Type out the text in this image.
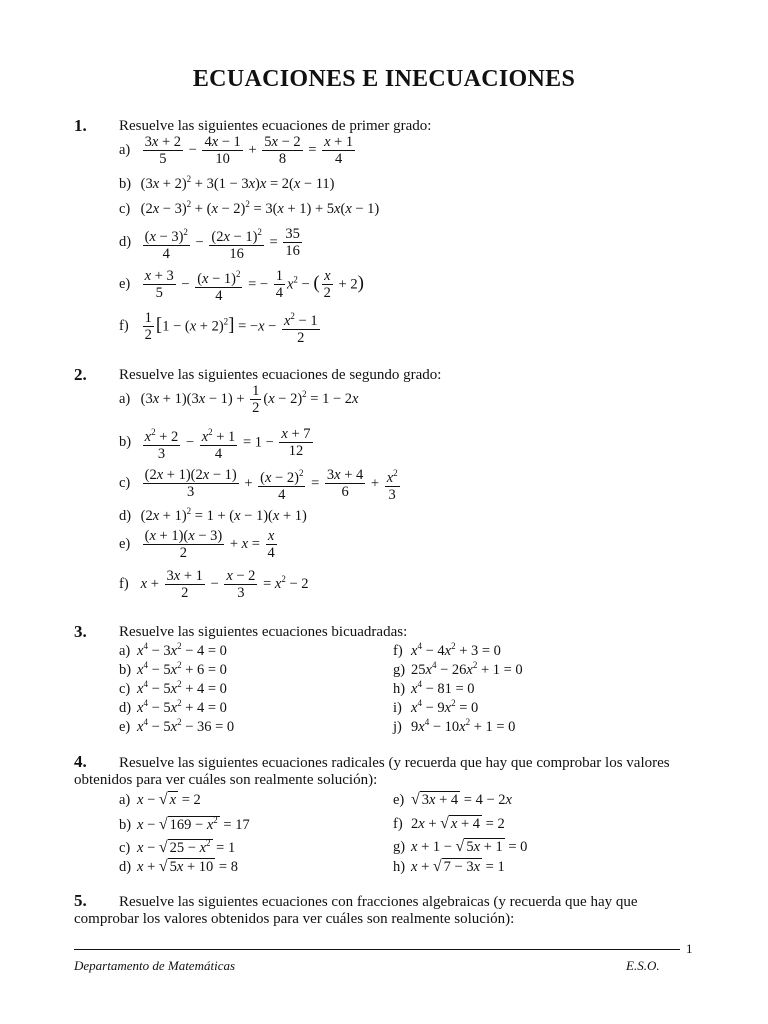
ECUACIONES E INECUACIONES
1. Resuelve las siguientes ecuaciones de primer grado:
$a) \frac{3x + 2}{5} - \frac{4x - 1}{10} + \frac{5x - 2}{8} = \frac{x + 1}{4}$
b) $(3x + 2)^2 + 3(1 - 3x)x = 2(x - 11)$
c) $(2x - 3)^2 + (x - 2)^2 = 3(x + 1) + 5x(x - 1)$
$d) \frac{(x - 3)^2}{4} - \frac{(2x - 1)^2}{16} = \frac{35}{16}$
$e) \frac{x + 3}{5} - \frac{(x - 1)^2}{4}$ = − $\frac{1}{4} x^2$ − ( $\frac{x}{2} + 2$)
$f) \frac{1}{2} [1 - (x + 2)^2] = -x - \frac{x^2 - 1}{2}$
2. Resuelve las siguientes ecuaciones de segundo grado:
a) $(3x + 1)(3x - 1) + \frac{1}{2} (x - 2)^2 = 1 - 2x$
$b) \frac{x^2 + 2}{3} - \frac{x^2 + 1}{4} = 1 - \frac{x + 7}{12}$
$c) \frac{(2x + 1)(2x - 1)}{3} + \frac{(x - 2)^2}{4} = \frac{3x + 4}{6} + \frac{x^2}{3}$
d) $(2x + 1)^2 = 1 + (x - 1)(x + 1)$
$e) \frac{(x + 1)(x - 3)}{2} + x = \frac{x}{4}$
f) $x + \frac{3x + 1}{2} - \frac{x - 2}{3} = x^2 - 2$
3. Resuelve las siguientes ecuaciones bicuadradas:
a) $x^4 - 3x^2 - 4 = 0$
b) $x^4 - 5x^2 + 6 = 0$
c) $x^4 - 5x^2 + 4 = 0$
d) $x^4 - 5x^2 + 4 = 0$
e) $x^4 - 5x^2 - 36 = 0$
f) $x^4 - 4x^2 + 3 = 0$
g) $25x^4 - 26x^2 + 1 = 0$
h) $x^4 - 81 = 0$
i) $x^4 - 9x^2 = 0$
j) $9x^4 - 10x^2 + 1 = 0$
4.	Resuelve las siguientes ecuaciones radicales (y recuerda que hay que comprobar los valores obtenidos para ver cuáles son realmente solución):
a) x − √ x = 2
b) x − √ $169 - x^2 = 17$
c) x − √ $25 - x^2 = 1$
d) x + √ 5x + 10 = 8
e) √ 3x + 4 = 4 − 2x
f) 2x + √ x + 4 = 2
g) x + 1 − √ 5x + 1 = 0
h) x + √ 7 − 3x = 1
5.	Resuelve las siguientes ecuaciones con fracciones algebraicas (y recuerda que hay que comprobar los valores obtenidos para ver cuáles son realmente solución):
1
Departamento de Matemáticas	E.S.O.
